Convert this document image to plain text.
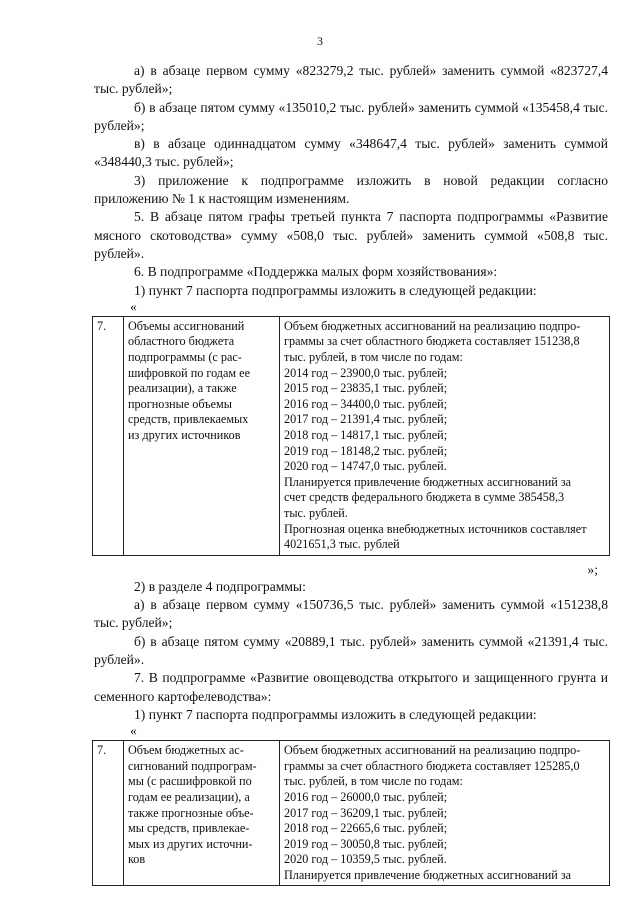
3

а) в абзаце первом сумму «823279,2 тыс. рублей» заменить суммой «823727,4 тыс. рублей»;

б) в абзаце пятом сумму «135010,2 тыс. рублей» заменить суммой «135458,4 тыс. рублей»;

в) в абзаце одиннадцатом сумму «348647,4 тыс. рублей» заменить суммой «348440,3 тыс. рублей»;

3) приложение к подпрограмме изложить в новой редакции согласно приложению № 1 к настоящим изменениям.

5. В абзаце пятом графы третьей пункта 7 паспорта подпрограммы «Развитие мясного скотоводства» сумму «508,0 тыс. рублей» заменить суммой «508,8 тыс. рублей».

6. В подпрограмме «Поддержка малых форм хозяйствования»:

1) пункт 7 паспорта подпрограммы изложить в следующей редакции:

«

7.	Объемы ассигнований
областного бюджета
подпрограммы (с рас-
шифровкой по годам ее
реализации), а также
прогнозные объемы
средств, привлекаемых
из других источников

Объем бюджетных ассигнований на реализацию подпро-
граммы за счет областного бюджета составляет 151238,8
тыс. рублей, в том числе по годам:
2014 год – 23900,0 тыс. рублей;
2015 год – 23835,1 тыс. рублей;
2016 год – 34400,0 тыс. рублей;
2017 год – 21391,4 тыс. рублей;
2018 год – 14817,1 тыс. рублей;
2019 год – 18148,2 тыс. рублей;
2020 год – 14747,0 тыс. рублей.
Планируется привлечение бюджетных ассигнований за
счет средств федерального бюджета в сумме 385458,3
тыс. рублей.
Прогнозная оценка внебюджетных источников составляет
4021651,3 тыс. рублей

»;

2) в разделе 4 подпрограммы:

а) в абзаце первом сумму «150736,5 тыс. рублей» заменить суммой «151238,8 тыс. рублей»;

б) в абзаце пятом сумму «20889,1 тыс. рублей» заменить суммой «21391,4 тыс. рублей».

7. В подпрограмме «Развитие овощеводства открытого и защищенного грунта и семенного картофелеводства»:

1) пункт 7 паспорта подпрограммы изложить в следующей редакции:

«

7.	Объем бюджетных ас-
сигнований подпрограм-
мы (с расшифровкой по
годам ее реализации), а
также прогнозные объе-
мы средств, привлекае-
мых из других источни-
ков

Объем бюджетных ассигнований на реализацию подпро-
граммы за счет областного бюджета составляет 125285,0
тыс. рублей, в том числе по годам:
2016 год – 26000,0 тыс. рублей;
2017 год – 36209,1 тыс. рублей;
2018 год – 22665,6 тыс. рублей;
2019 год – 30050,8 тыс. рублей;
2020 год – 10359,5 тыс. рублей.
Планируется привлечение бюджетных ассигнований за
